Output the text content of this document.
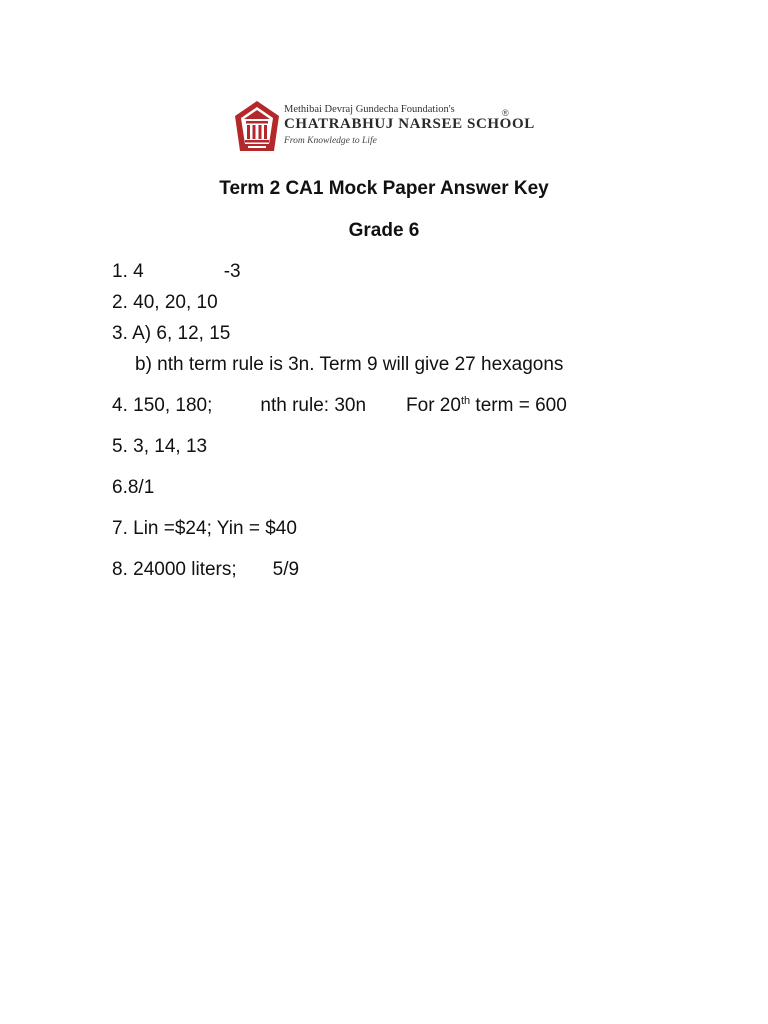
Methibai Devraj Gundecha Foundation's
CHATRABHUJ NARSEE SCHOOL
From Knowledge to Life
®
Term 2 CA1 Mock Paper Answer Key
Grade 6
1. 4	-3
2. 40, 20, 10
3. A) 6, 12, 15
b) nth term rule is 3n. Term 9 will give 27 hexagons
4. 150, 180;	nth rule: 30n For 20th term = 600
5. 3, 14, 13
6.8/1
7. Lin =$24; Yin = $40
8. 24000 liters; 5/9
